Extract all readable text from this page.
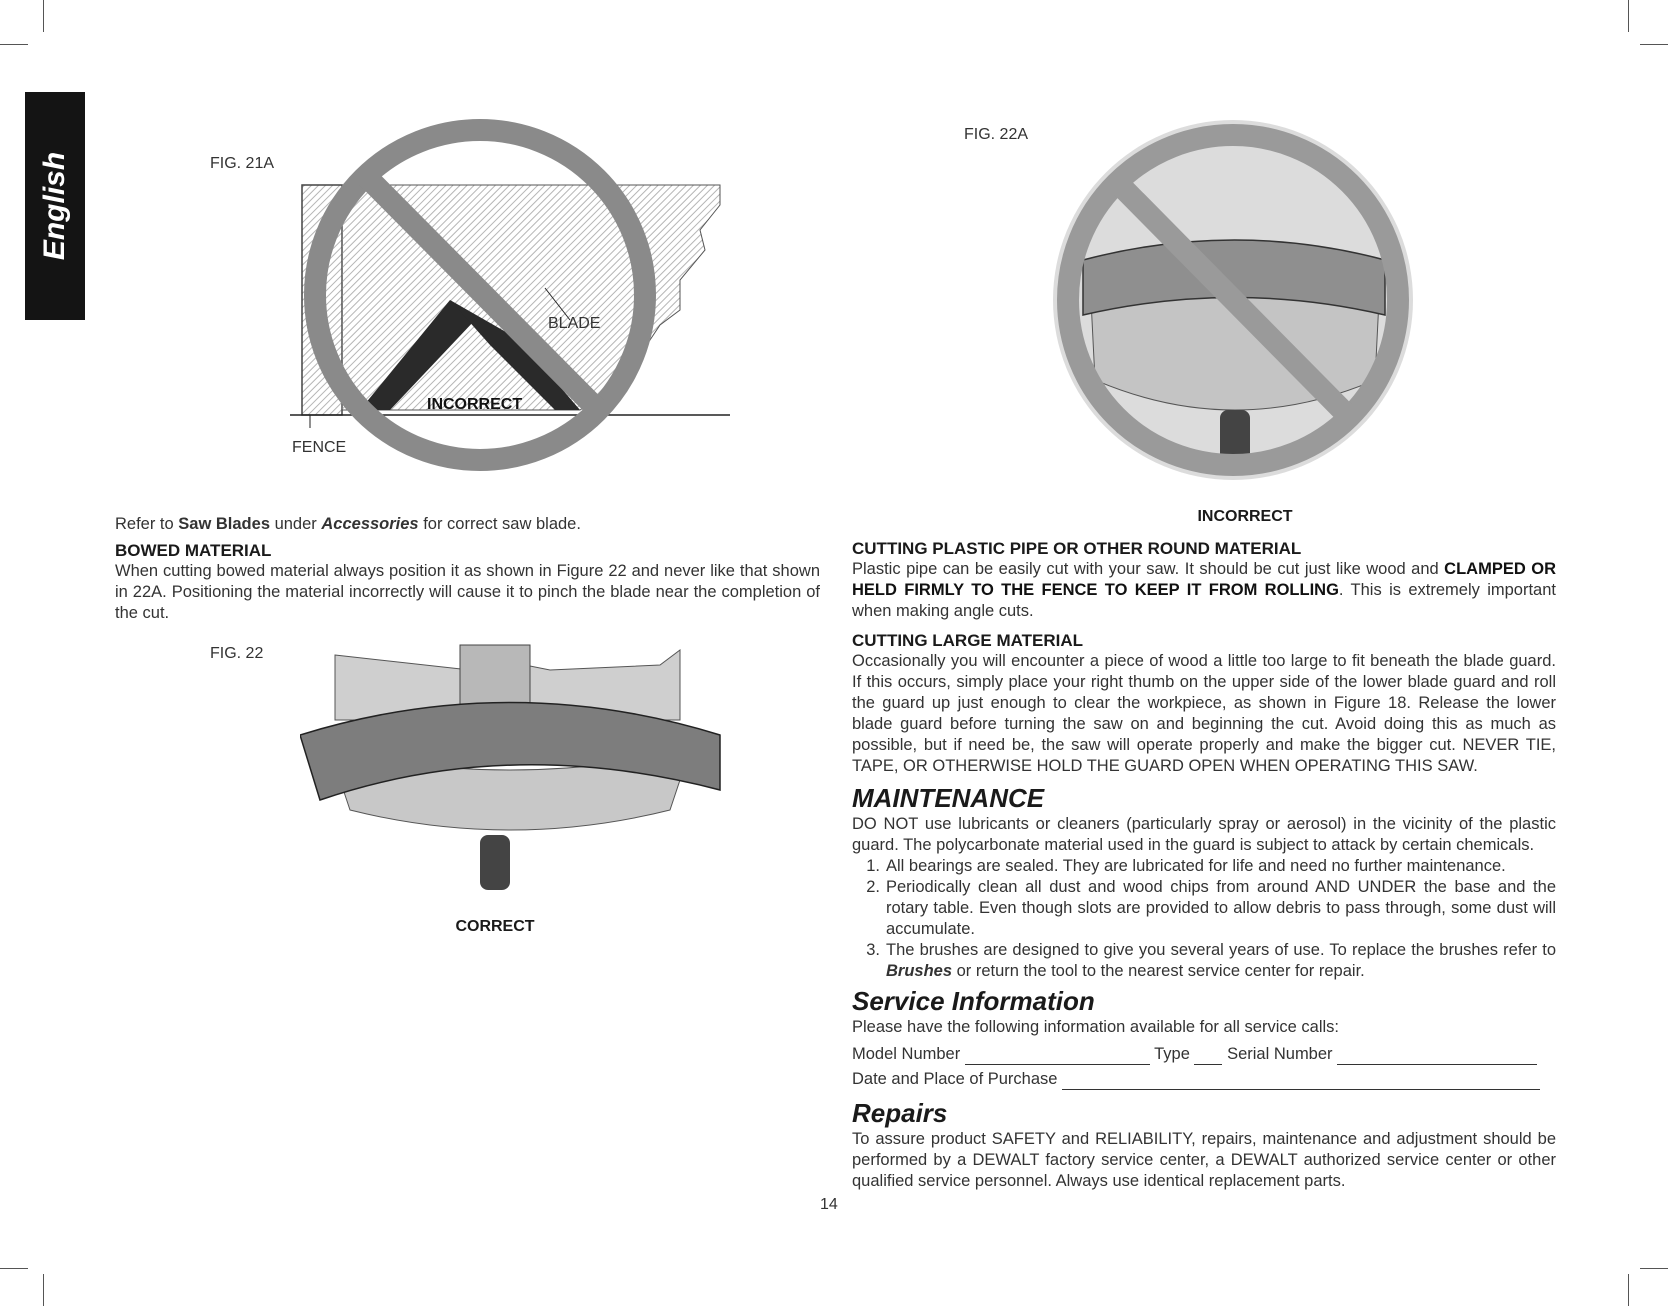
English	FIG. 21A
BLADE
INCORRECT
FENCE
FIG. 22A
INCORRECT
FIG. 22
CORRECT

Refer to Saw Blades under Accessories for correct saw blade.

BOWED MATERIAL

When cutting bowed material always position it as shown in Figure 22 and never like that shown in 22A. Positioning the material incorrectly will cause it to pinch the blade near the completion of the cut.

CUTTING PLASTIC PIPE OR OTHER ROUND MATERIAL

Plastic pipe can be easily cut with your saw. It should be cut just like wood and CLAMPED OR HELD FIRMLY TO THE FENCE TO KEEP IT FROM ROLLING. This is extremely important when making angle cuts.

CUTTING LARGE MATERIAL

Occasionally you will encounter a piece of wood a little too large to fit beneath the blade guard. If this occurs, simply place your right thumb on the upper side of the lower blade guard and roll the guard up just enough to clear the workpiece, as shown in Figure 18. Release the lower blade guard before turning the saw on and beginning the cut. Avoid doing this as much as possible, but if need be, the saw will operate properly and make the bigger cut. NEVER TIE, TAPE, OR OTHERWISE HOLD THE GUARD OPEN WHEN OPERATING THIS SAW.

MAINTENANCE

DO NOT use lubricants or cleaners (particularly spray or aerosol) in the vicinity of the plastic guard. The polycarbonate material used in the guard is subject to attack by certain chemicals.

1. All bearings are sealed. They are lubricated for life and need no further maintenance.
2. Periodically clean all dust and wood chips from around AND UNDER the base and the rotary table. Even though slots are provided to allow debris to pass through, some dust will accumulate.
3. The brushes are designed to give you several years of use. To replace the brushes refer to Brushes or return the tool to the nearest service center for repair.

Service Information

Please have the following information available for all service calls:

Model Number	Type Serial Number
Date and Place of Purchase

Repairs

To assure product SAFETY and RELIABILITY, repairs, maintenance and adjustment should be performed by a DEWALT factory service center, a DEWALT authorized service center or other qualified service personnel. Always use identical replacement parts.

14
